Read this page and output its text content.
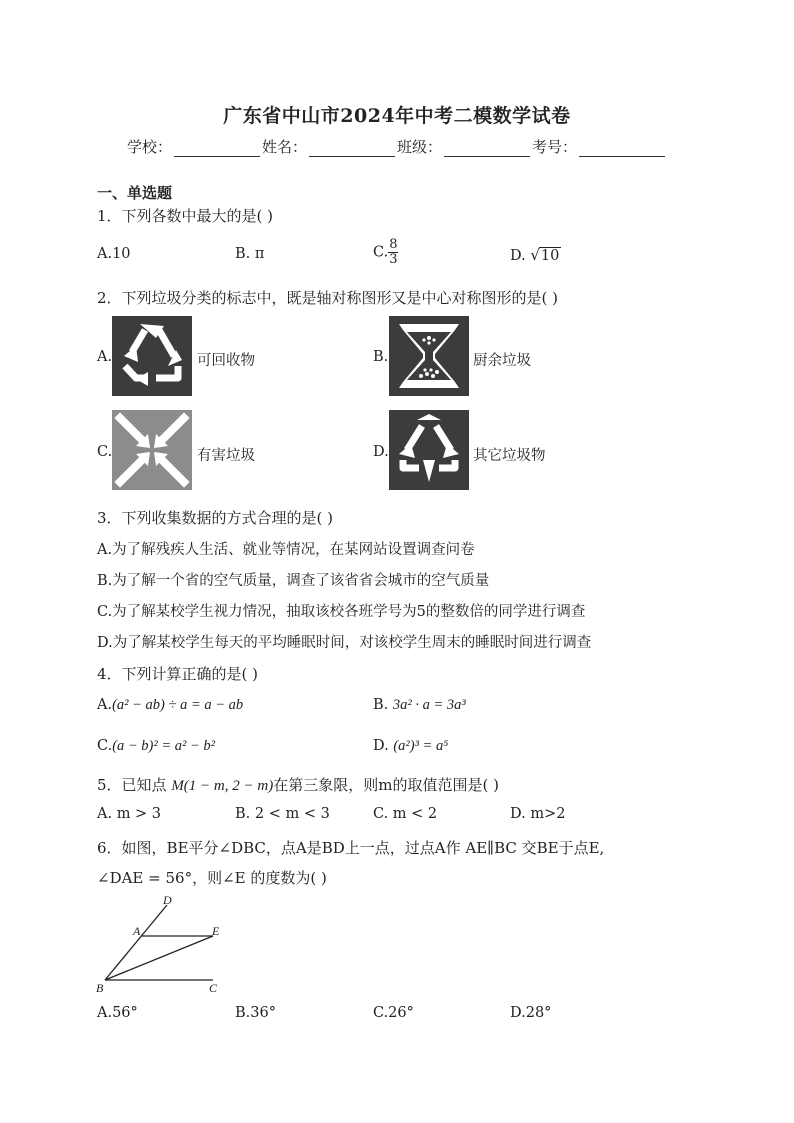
广东省中山市2024年中考二模数学试卷
学校：	姓名：	班级：	考号：
一、单选题
1．下列各数中最大的是( )
A.10	B. π	C. $\frac{8}{3}$	D. √10
2．下列垃圾分类的标志中，既是轴对称图形又是中心对称图形的是( )
A.	可回收物	B.	厨余垃圾
C.	有害垃圾	D.	其它垃圾物
3．下列收集数据的方式合理的是( )
A.为了解残疾人生活、就业等情况，在某网站设置调查问卷
B.为了解一个省的空气质量，调查了该省省会城市的空气质量
C.为了解某校学生视力情况，抽取该校各班学号为5的整数倍的同学进行调查
D.为了解某校学生每天的平均睡眠时间，对该校学生周末的睡眠时间进行调查
4．下列计算正确的是( )
A.(a² − ab) ÷ a = a − ab	B. 3a² · a = 3a³
C.(a − b)² = a² − b²	D. (a²)³ = a⁵
5．已知点 M(1 − m, 2 − m)在第三象限，则m的取值范围是( )
A. m > 3	B. 2 < m < 3	C. m < 2	D. m>2
6．如图，BE平分∠DBC，点A是BD上一点，过点A作 AE∥BC 交BE于点E,
∠DAE = 56°，则∠E 的度数为( )
D
A	E
B	C
A.56°	B.36°	C.26°	D.28°
